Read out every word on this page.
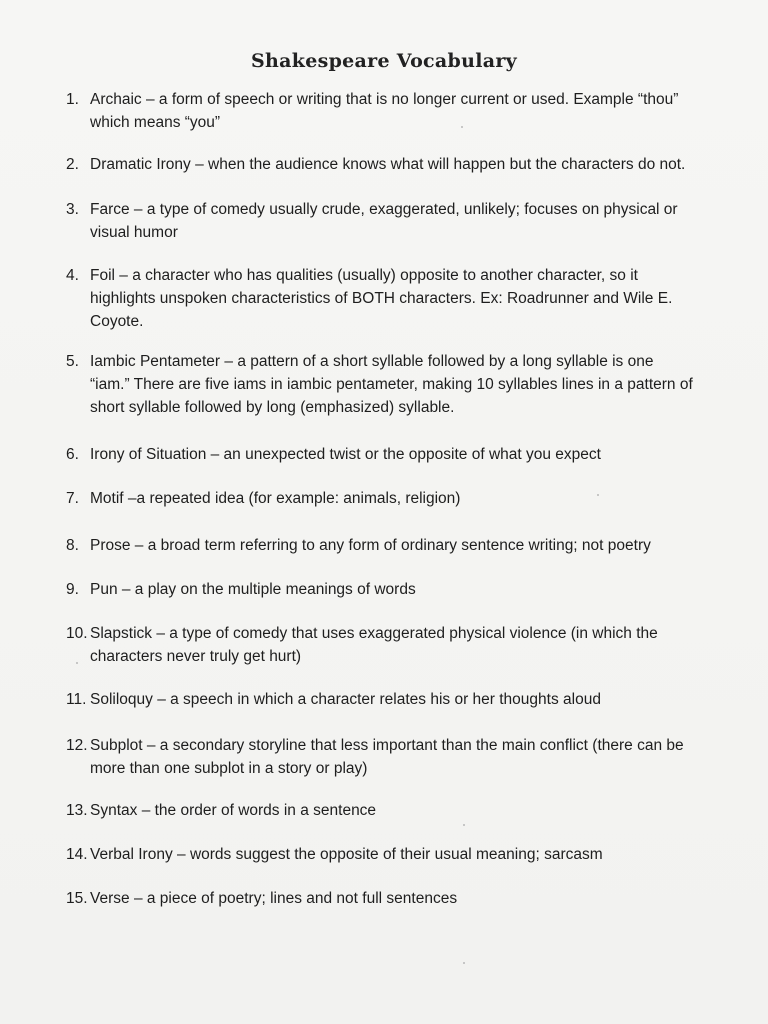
Shakespeare Vocabulary
1. Archaic – a form of speech or writing that is no longer current or used. Example “thou”
which means “you”
2. Dramatic Irony – when the audience knows what will happen but the characters do not.
3. Farce – a type of comedy usually crude, exaggerated, unlikely; focuses on physical or
visual humor
4. Foil – a character who has qualities (usually) opposite to another character, so it
highlights unspoken characteristics of BOTH characters. Ex: Roadrunner and Wile E.
Coyote.
5. Iambic Pentameter – a pattern of a short syllable followed by a long syllable is one
“iam.” There are five iams in iambic pentameter, making 10 syllables lines in a pattern of
short syllable followed by long (emphasized) syllable.
6. Irony of Situation – an unexpected twist or the opposite of what you expect
7. Motif –a repeated idea (for example: animals, religion)
8. Prose – a broad term referring to any form of ordinary sentence writing; not poetry
9. Pun – a play on the multiple meanings of words
10. Slapstick – a type of comedy that uses exaggerated physical violence (in which the
characters never truly get hurt)
11. Soliloquy – a speech in which a character relates his or her thoughts aloud
12. Subplot – a secondary storyline that less important than the main conflict (there can be
more than one subplot in a story or play)
13. Syntax – the order of words in a sentence
14. Verbal Irony – words suggest the opposite of their usual meaning; sarcasm
15. Verse – a piece of poetry; lines and not full sentences
